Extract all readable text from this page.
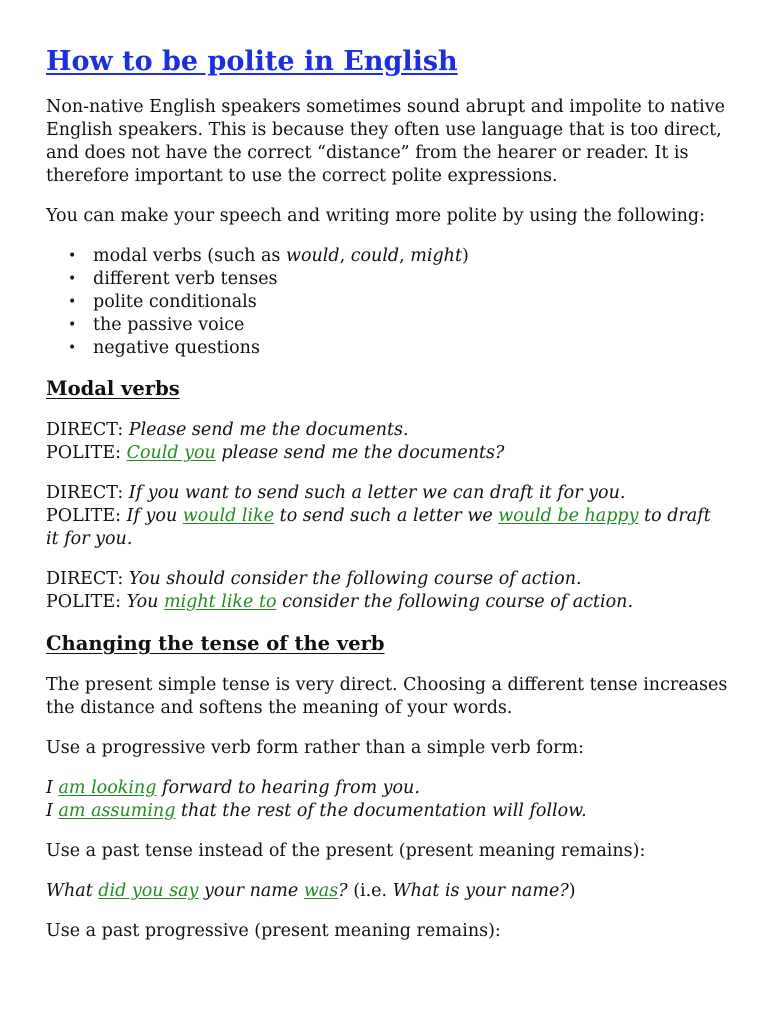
How to be polite in English

Non-native English speakers sometimes sound abrupt and impolite to native English speakers. This is because they often use language that is too direct, and does not have the correct “distance” from the hearer or reader. It is therefore important to use the correct polite expressions.

You can make your speech and writing more polite by using the following:

• modal verbs (such as would, could, might)
• different verb tenses
• polite conditionals
• the passive voice
• negative questions
Modal verbs
DIRECT: Please send me the documents.
POLITE: Could you please send me the documents?
DIRECT: If you want to send such a letter we can draft it for you.
POLITE: If you would like to send such a letter we would be happy to draft it for you.
DIRECT: You should consider the following course of action.
POLITE: You might like to consider the following course of action.
Changing the tense of the verb

The present simple tense is very direct. Choosing a different tense increases the distance and softens the meaning of your words.

Use a progressive verb form rather than a simple verb form:

I am looking forward to hearing from you.
I am assuming that the rest of the documentation will follow.

Use a past tense instead of the present (present meaning remains):

What did you say your name was? (i.e. What is your name?)

Use a past progressive (present meaning remains):
